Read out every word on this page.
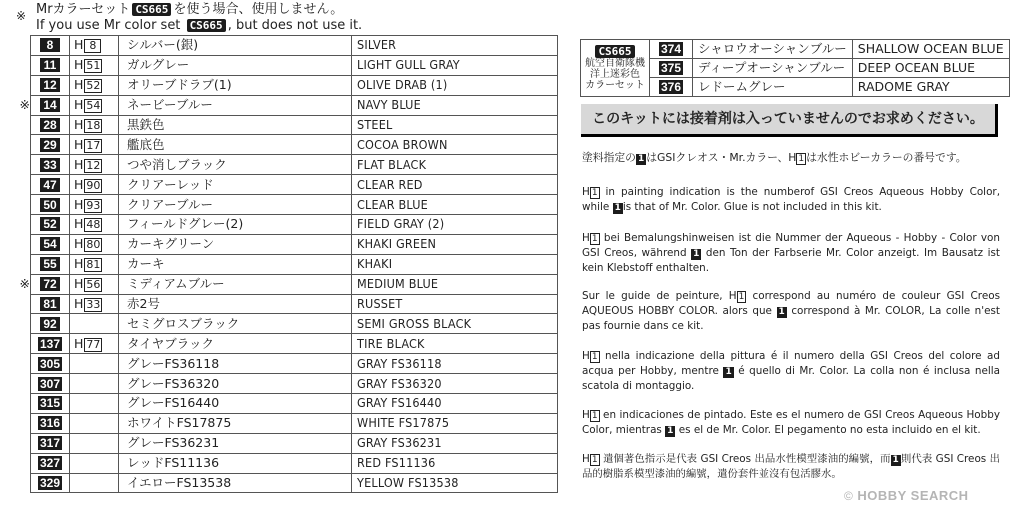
※ Mrカラーセット CS665 を使う場合、使用しません。
If you use Mr color set CS665 , but does not use it.
	8	H 8	シルバー(銀)	SILVER
	11	H 51	ガルグレー	LIGHT GULL GRAY
	12	H 52	オリーブドラブ(1)	OLIVE DRAB (1)
※	14	H 54	ネービーブルー	NAVY BLUE
	28	H 18	黒鉄色	STEEL
	29	H 17	艦底色	COCOA BROWN
	33	H 12	つや消しブラック	FLAT BLACK
	47	H 90	クリアーレッド	CLEAR RED
	50	H 93	クリアーブルー	CLEAR BLUE
	52	H 48	フィールドグレー(2)	FIELD GRAY (2)
	54	H 80	カーキグリーン	KHAKI GREEN
	55	H 81	カーキ	KHAKI
※	72	H 56	ミディアムブルー	MEDIUM BLUE
	81	H 33	赤2号	RUSSET
	92		セミグロスブラック	SEMI GROSS BLACK
	137	H 77	タイヤブラック	TIRE BLACK
	305		グレーFS36118	GRAY FS36118
	307		グレーFS36320	GRAY FS36320
	315		グレーFS16440	GRAY FS16440
	316		ホワイトFS17875	WHITE FS17875
	317		グレーFS36231	GRAY FS36231
	327		レッドFS11136	RED FS11136
	329		イエローFS13538	YELLOW FS13538
CS665
航空自衛隊機
洋上迷彩色
カラーセット	374	シャロウオーシャンブルー	SHALLOW OCEAN BLUE
	375	ディープオーシャンブルー	DEEP OCEAN BLUE
	376	レドームグレー	RADOME GRAY
このキットには接着剤は入っていませんのでお求めください。
塗料指定の 1 はGSIクレオス・Mr.カラー、H 1 は水性ホビーカラーの番号です。
H 1 in painting indication is the numberof GSI Creos Aqueous Hobby Color, while 1 is that of Mr. Color. Glue is not included in this kit.
H 1 bei Bemalungshinweisen ist die Nummer der Aqueous - Hobby - Color von GSI Creos, während 1 den Ton der Farbserie Mr. Color anzeigt. Im Bausatz ist kein Klebstoff enthalten.
Sur le guide de peinture, H 1 correspond au numéro de couleur GSI Creos AQUEOUS HOBBY COLOR. alors que 1 correspond à Mr. COLOR, La colle n'est pas fournie dans ce kit.
H 1 nella indicazione della pittura é il numero della GSI Creos del colore ad acqua per Hobby, mentre 1 é quello di Mr. Color. La colla non é inclusa nella scatola di montaggio.
H 1 en indicaciones de pintado. Este es el numero de GSI Creos Aqueous Hobby Color, mientras 1 es el de Mr. Color. El pegamento no esta incluido en el kit.
H 1 遣個著色指示是代表 GSI Creos 出品水性模型漆油的編號，而 1 則代表 GSI Creos 出品的樹脂系模型漆油的編號，遣份套件並沒有包活膠水。
© HOBBY SEARCH
